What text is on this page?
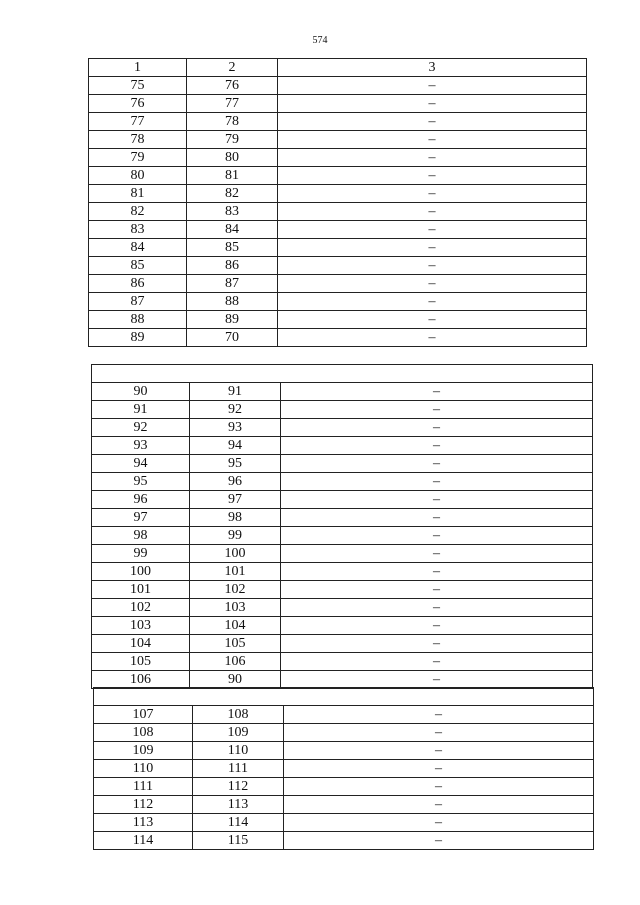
574
1	2	3
75	76	–
76	77	–
77	78	–
78	79	–
79	80	–
80	81	–
81	82	–
82	83	–
83	84	–
84	85	–
85	86	–
86	87	–
87	88	–
88	89	–
89	70	–

90	91	–
91	92	–
92	93	–
93	94	–
94	95	–
95	96	–
96	97	–
97	98	–
98	99	–
99	100	–
100	101	–
101	102	–
102	103	–
103	104	–
104	105	–
105	106	–
106	90	–

107	108	–
108	109	–
109	110	–
110	111	–
111	112	–
112	113	–
113	114	–
114	115	–
